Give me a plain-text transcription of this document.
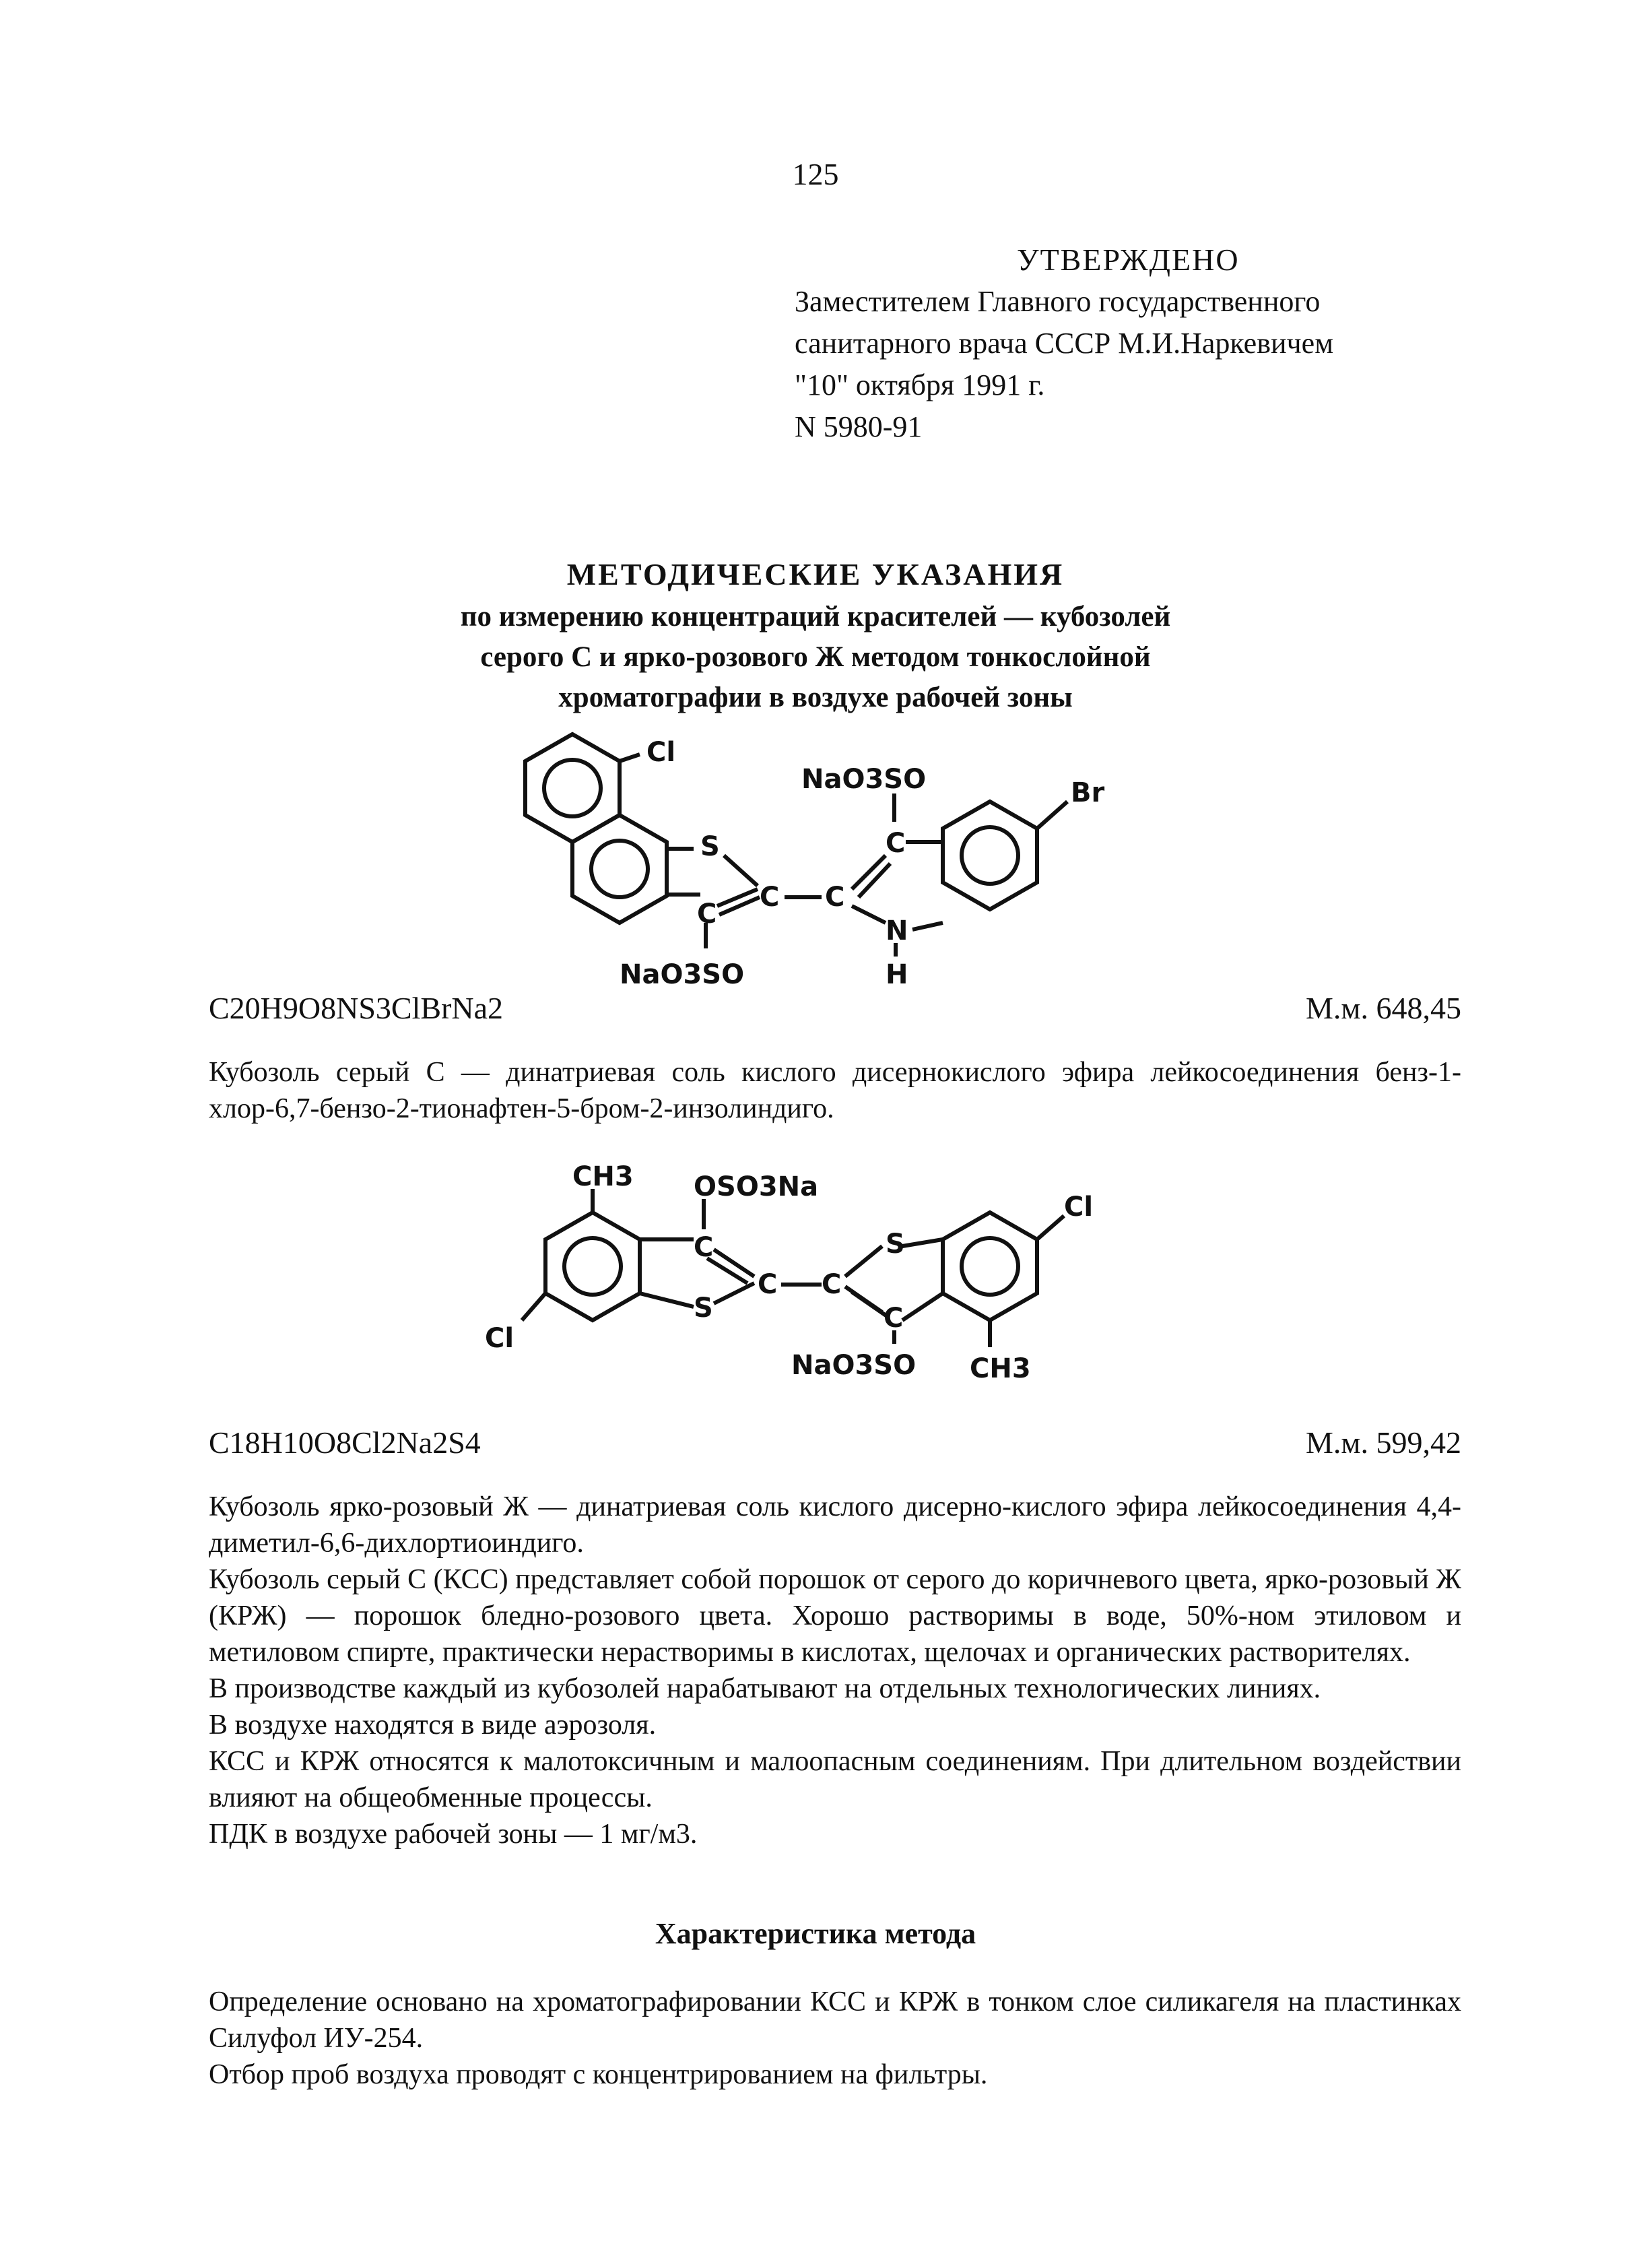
125
УТВЕРЖДЕНО
Заместителем Главного государственного
санитарного врача СССР М.И.Наркевичем
"10" октября 1991 г.
N 5980-91
МЕТОДИЧЕСКИЕ УКАЗАНИЯ
по измерению концентраций красителей — кубозолей
серого С и ярко-розового Ж методом тонкослойной
хроматографии в воздухе рабочей зоны
Cl
S
C
C
C
C
N
H
Br
NaO3SO
NaO3SO
C20H9O8NS3ClBrNa2	М.м. 648,45

Кубозоль серый С — динатриевая соль кислого дисернокислого эфира лейкосоединения бенз-1-хлор-6,7-бензо-2-тионафтен-5-бром-2-инзолиндиго.

CH3 OSO3Na
C
S
C C
S
C
Cl
Cl
NaO3SO CH3
C18H10O8Cl2Na2S4	М.м. 599,42

Кубозоль ярко-розовый Ж — динатриевая соль кислого дисерно-кислого эфира лейкосоединения 4,4-диметил-6,6-дихлортиоиндиго.

Кубозоль серый С (КСС) представляет собой порошок от серого до коричневого цвета, ярко-розовый Ж (КРЖ) — порошок бледно-розового цвета. Хорошо растворимы в воде, 50%-ном этиловом и метиловом спирте, практически нерастворимы в кислотах, щелочах и органических растворителях.

В производстве каждый из кубозолей нарабатывают на отдельных технологических линиях.

В воздухе находятся в виде аэрозоля.

КСС и КРЖ относятся к малотоксичным и малоопасным соединениям. При длительном воздействии влияют на общеобменные процессы.

ПДК в воздухе рабочей зоны — 1 мг/м3.

Характеристика метода

Определение основано на хроматографировании КСС и КРЖ в тонком слое силикагеля на пластинках Силуфол ИУ-254.

Отбор проб воздуха проводят с концентрированием на фильтры.
